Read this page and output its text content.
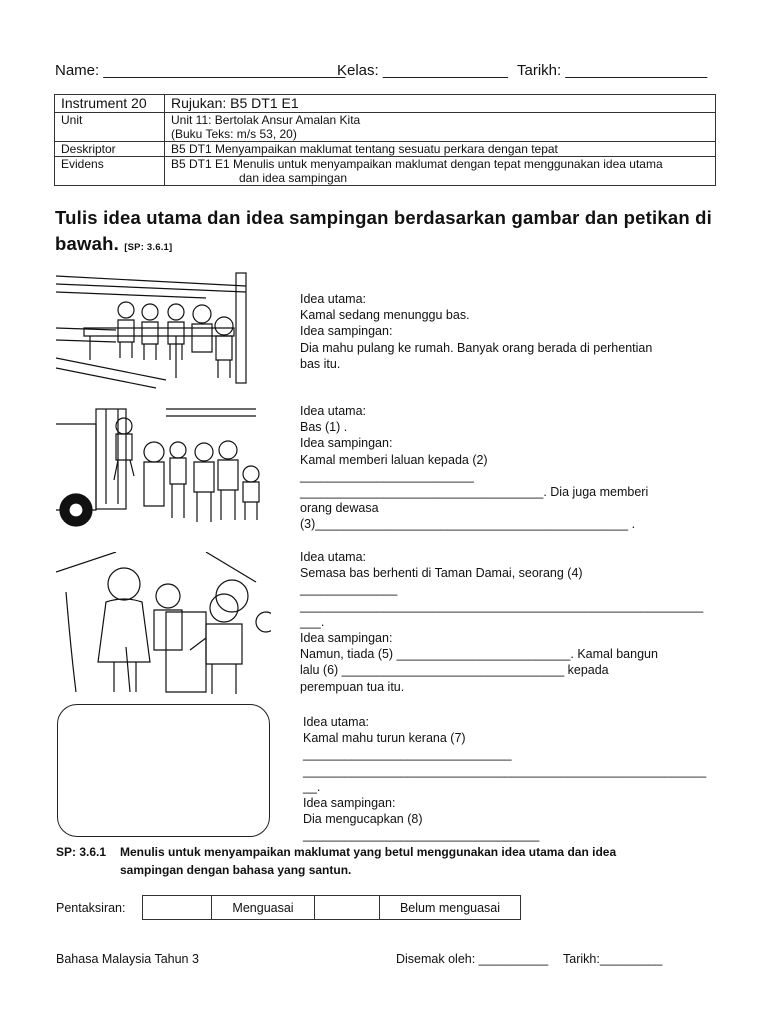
Name: _____________________________
Kelas: _______________ Tarikh: _________________
Instrument 20	Rujukan: B5 DT1 E1
Unit	Unit 11: Bertolak Ansur Amalan Kita
(Buku Teks: m/s 53, 20)

Deskriptor	B5 DT1 Menyampaikan maklumat tentang sesuatu perkara dengan tepat
Evidens	B5 DT1 E1 Menulis untuk menyampaikan maklumat dengan tepat menggunakan idea utama
dan idea sampingan
Tulis idea utama dan idea sampingan berdasarkan gambar dan petikan di bawah. [SP: 3.6.1]
Idea utama:
Kamal sedang menunggu bas.
Idea sampingan:
Dia mahu pulang ke rumah. Banyak orang berada di perhentian
bas itu.
Idea utama:
Bas (1) .
Idea sampingan:
Kamal memberi laluan kepada (2)
_________________________
___________________________________. Dia juga memberi
orang dewasa
(3)_____________________________________________ .
Idea utama:
Semasa bas berhenti di Taman Damai, seorang (4)
______________
__________________________________________________________
___.
Idea sampingan:
Namun, tiada (5) _________________________. Kamal bangun
lalu (6) ________________________________ kepada
perempuan tua itu.
Idea utama:
Kamal mahu turun kerana (7)
______________________________
__________________________________________________________
__.
Idea sampingan:
Dia mengucapkan (8)
__________________________________
SP: 3.6.1 Menulis untuk menyampaikan maklumat yang betul menggunakan idea utama dan idea
sampingan dengan bahasa yang santun.
Pentaksiran:
		Menguasai		Belum menguasai
Bahasa Malaysia Tahun 3	Disemak oleh: __________ Tarikh:_________
